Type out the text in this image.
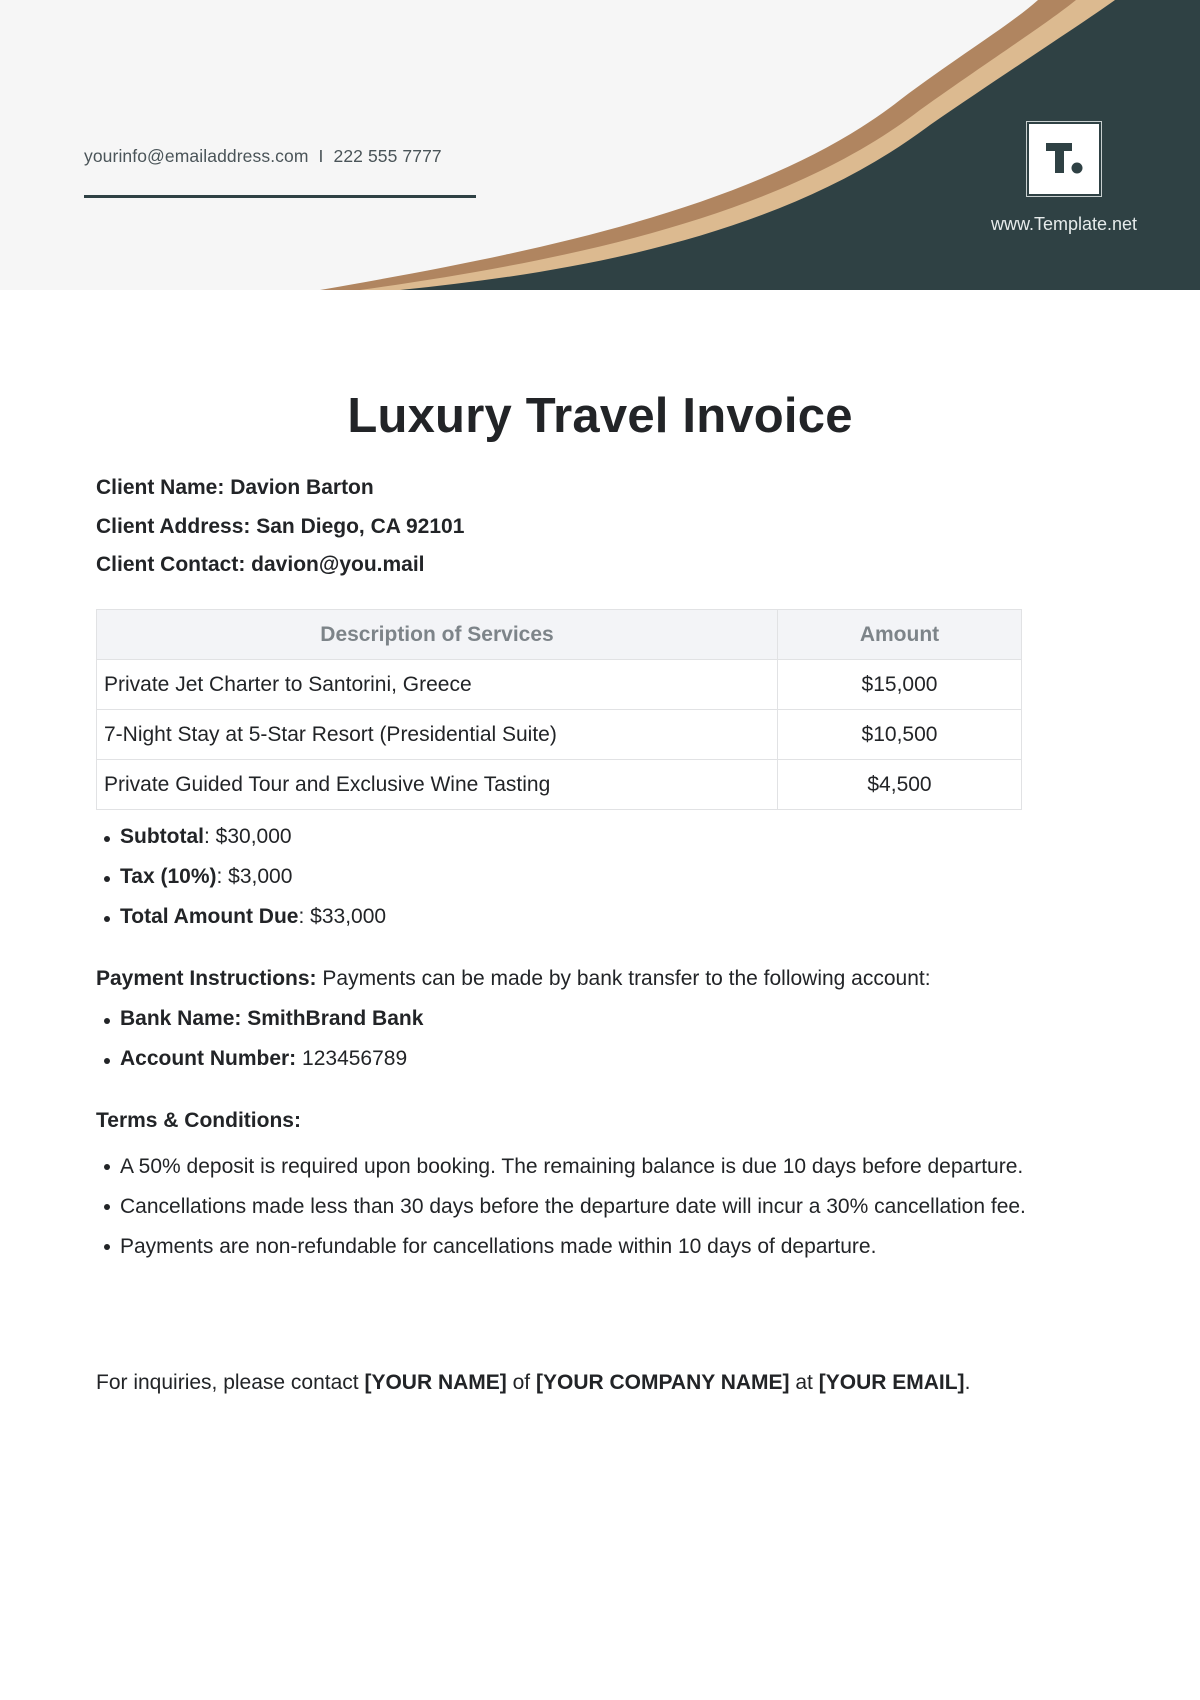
yourinfo@emailaddress.com I 222 555 7777
www.Template.net
Luxury Travel Invoice
Client Name: Davion Barton
Client Address: San Diego, CA 92101
Client Contact: davion@you.mail
Description of Services	Amount
Private Jet Charter to Santorini, Greece	$15,000
7-Night Stay at 5-Star Resort (Presidential Suite)	$10,500
Private Guided Tour and Exclusive Wine Tasting	$4,500
Subtotal: $30,000
Tax (10%): $3,000
Total Amount Due: $33,000
Payment Instructions: Payments can be made by bank transfer to the following account:
Bank Name: SmithBrand Bank
Account Number: 123456789
Terms & Conditions:
A 50% deposit is required upon booking. The remaining balance is due 10 days before departure.
Cancellations made less than 30 days before the departure date will incur a 30% cancellation fee.
Payments are non-refundable for cancellations made within 10 days of departure.
For inquiries, please contact [YOUR NAME] of [YOUR COMPANY NAME] at [YOUR EMAIL].
